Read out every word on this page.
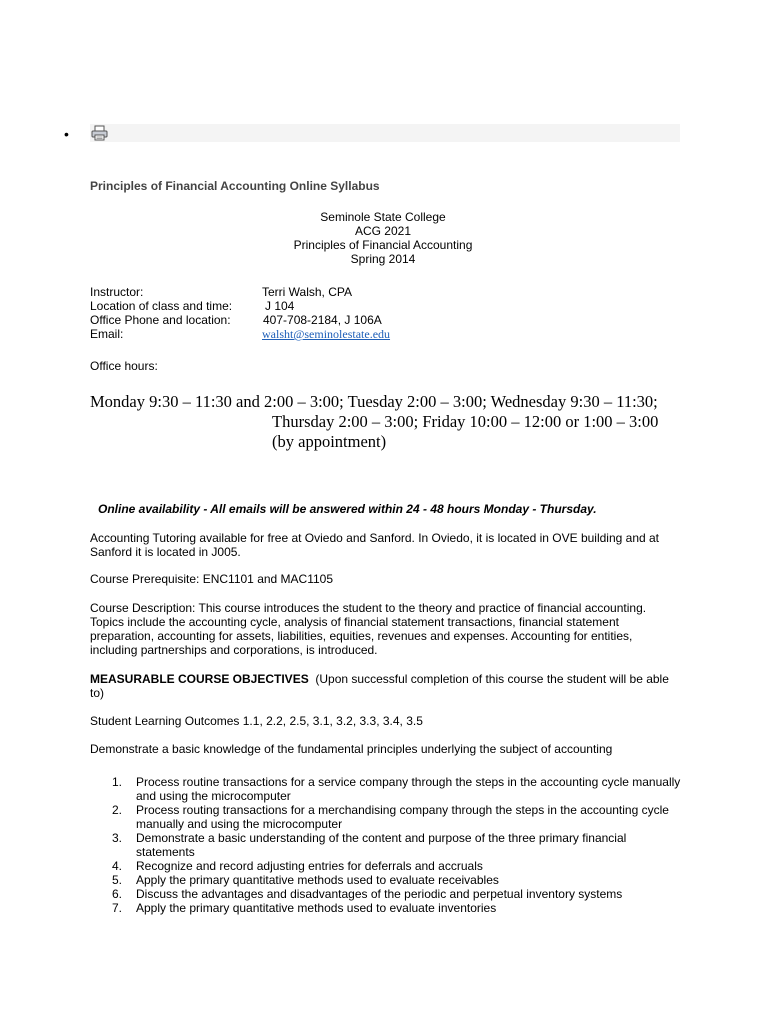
•
Principles of Financial Accounting Online Syllabus
Seminole State College
ACG 2021
Principles of Financial Accounting
Spring 2014
Instructor:	Terri Walsh, CPA
Location of class and time:	J 104
Office Phone and location:	407-708-2184, J 106A
Email:	walsht@seminolestate.edu
Office hours:
Monday 9:30 – 11:30 and 2:00 – 3:00; Tuesday 2:00 – 3:00; Wednesday 9:30 – 11:30;
Thursday 2:00 – 3:00; Friday 10:00 – 12:00 or 1:00 – 3:00
(by appointment)
Online availability - All emails will be answered within 24 - 48 hours Monday - Thursday.
Accounting Tutoring available for free at Oviedo and Sanford. In Oviedo, it is located in OVE building and at
Sanford it is located in J005.
Course Prerequisite: ENC1101 and MAC1105
Course Description: This course introduces the student to the theory and practice of financial accounting.
Topics include the accounting cycle, analysis of financial statement transactions, financial statement
preparation, accounting for assets, liabilities, equities, revenues and expenses. Accounting for entities,
including partnerships and corporations, is introduced.
MEASURABLE COURSE OBJECTIVES (Upon successful completion of this course the student will be able
to)
Student Learning Outcomes 1.1, 2.2, 2.5, 3.1, 3.2, 3.3, 3.4, 3.5
Demonstrate a basic knowledge of the fundamental principles underlying the subject of accounting
1. Process routine transactions for a service company through the steps in the accounting cycle manually
and using the microcomputer
2. Process routing transactions for a merchandising company through the steps in the accounting cycle
manually and using the microcomputer
3. Demonstrate a basic understanding of the content and purpose of the three primary financial
statements
4. Recognize and record adjusting entries for deferrals and accruals
5. Apply the primary quantitative methods used to evaluate receivables
6. Discuss the advantages and disadvantages of the periodic and perpetual inventory systems
7. Apply the primary quantitative methods used to evaluate inventories
